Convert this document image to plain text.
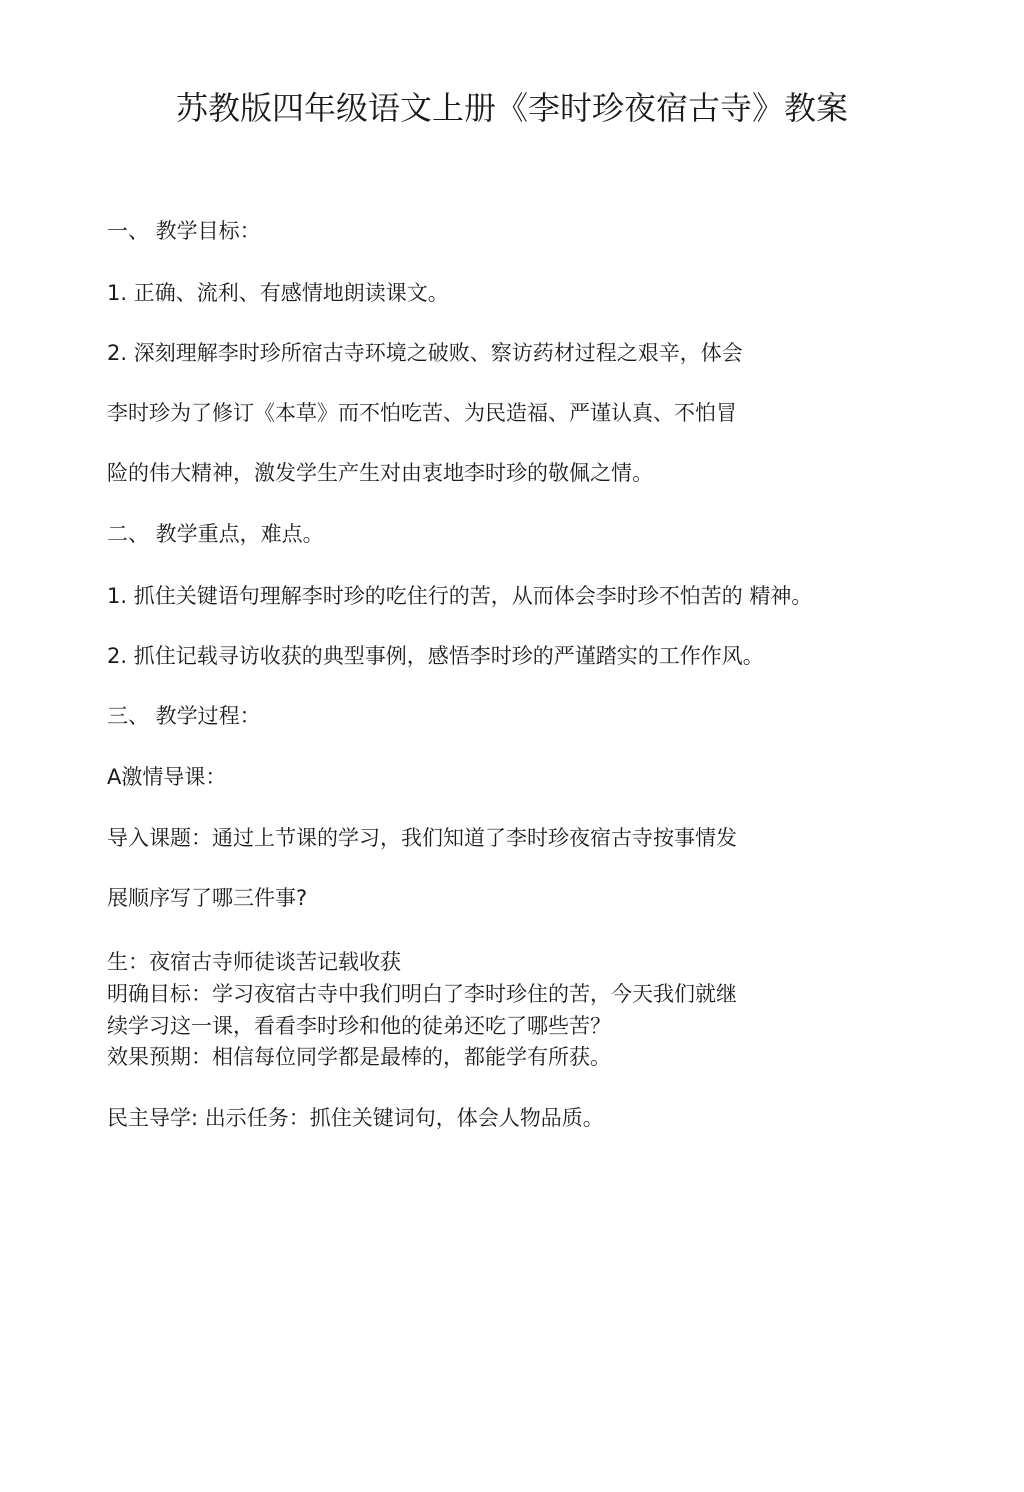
苏教版四年级语文上册《李时珍夜宿古寺》教案
一、 教学目标：
1. 正确、流利、有感情地朗读课文。
2. 深刻理解李时珍所宿古寺环境之破败、察访药材过程之艰辛，体会
李时珍为了修订《本草》而不怕吃苦、为民造福、严谨认真、不怕冒
险的伟大精神，激发学生产生对由衷地李时珍的敬佩之情。
二、 教学重点，难点。
1. 抓住关键语句理解李时珍的吃住行的苦，从而体会李时珍不怕苦的 精神。
2. 抓住记载寻访收获的典型事例，感悟李时珍的严谨踏实的工作作风。
三、 教学过程：
A激情导课：
导入课题：通过上节课的学习，我们知道了李时珍夜宿古寺按事情发
展顺序写了哪三件事?
生：夜宿古寺师徒谈苦记载收获
明确目标：学习夜宿古寺中我们明白了李时珍住的苦，今天我们就继
续学习这一课，看看李时珍和他的徒弟还吃了哪些苦？
效果预期：相信每位同学都是最棒的，都能学有所获。
民主导学: 出示任务：抓住关键词句，体会人物品质。
